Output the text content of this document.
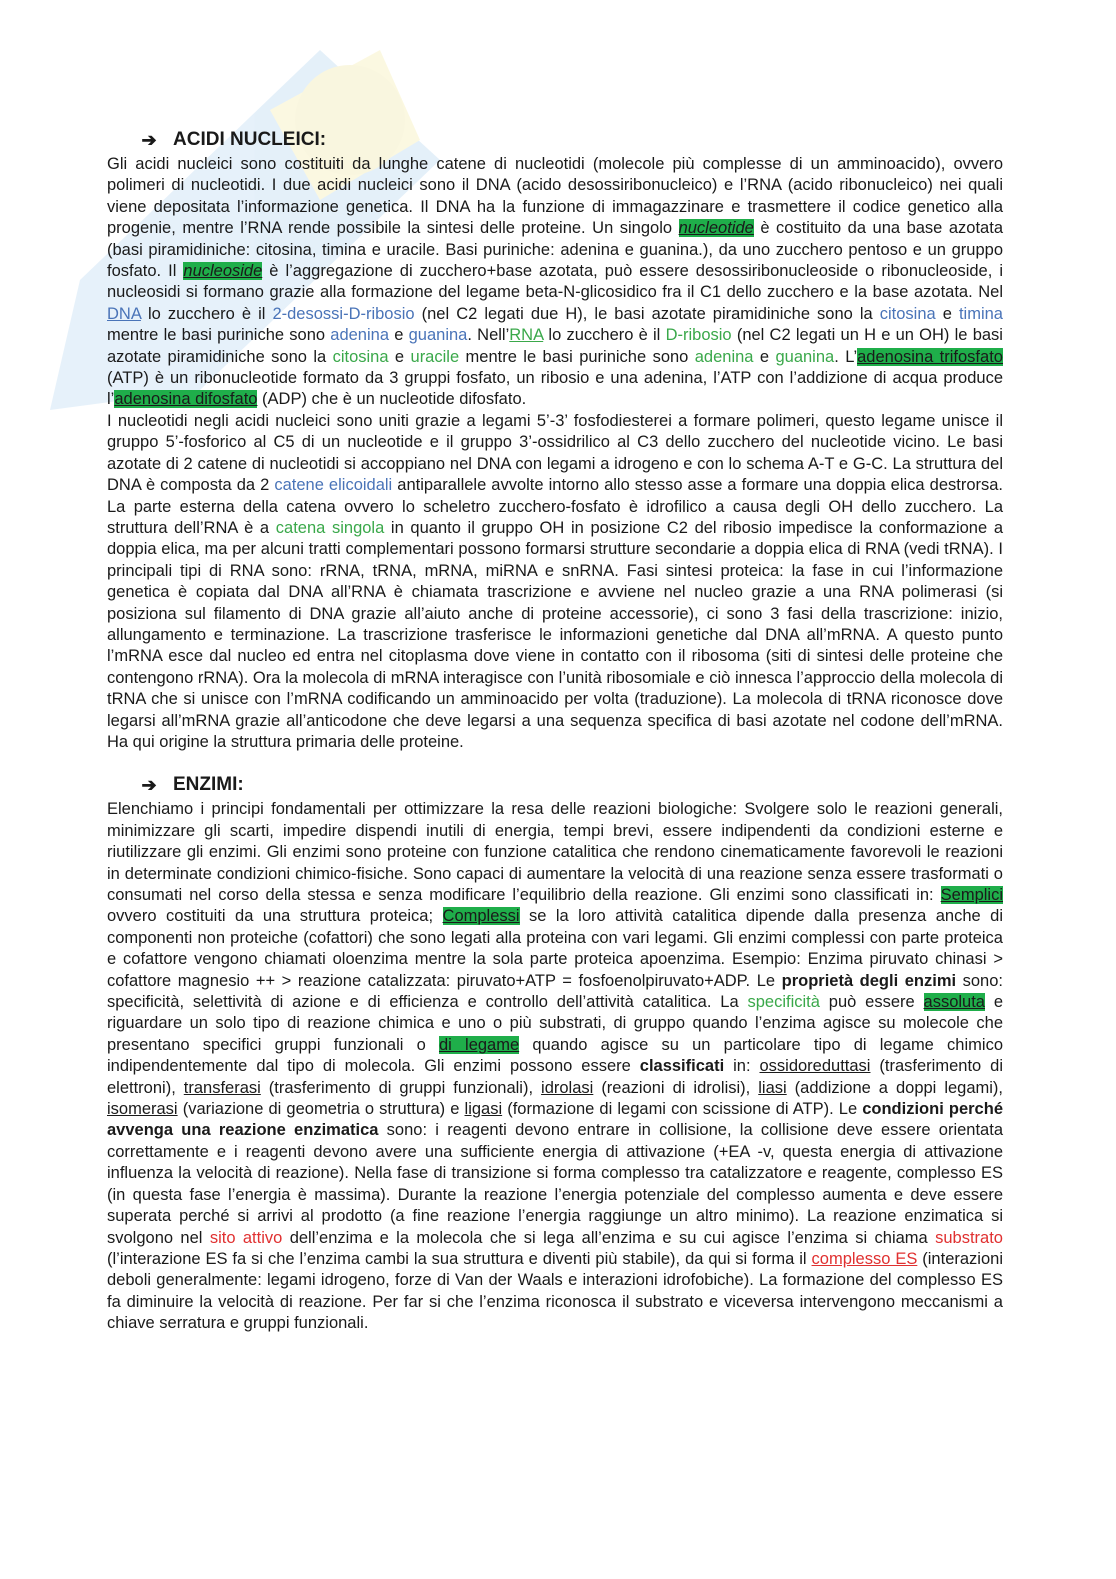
➔ ACIDI NUCLEICI:

Gli acidi nucleici sono costituiti da lunghe catene di nucleotidi (molecole più complesse di un amminoacido), ovvero polimeri di nucleotidi. I due acidi nucleici sono il DNA (acido desossiribonucleico) e l’RNA (acido ribonucleico) nei quali viene depositata l’informazione genetica. Il DNA ha la funzione di immagazzinare e trasmettere il codice genetico alla progenie, mentre l’RNA rende possibile la sintesi delle proteine. Un singolo nucleotide è costituito da una base azotata (basi piramidiniche: citosina, timina e uracile. Basi puriniche: adenina e guanina.), da uno zucchero pentoso e un gruppo fosfato. Il nucleoside è l’aggregazione di zucchero+base azotata, può essere desossiribonucleoside o ribonucleoside, i nucleosidi si formano grazie alla formazione del legame beta-N-glicosidico fra il C1 dello zucchero e la base azotata. Nel DNA lo zucchero è il 2-desossi-D-ribosio (nel C2 legati due H), le basi azotate piramidiniche sono la citosina e timina mentre le basi puriniche sono adenina e guanina. Nell’RNA lo zucchero è il D-ribosio (nel C2 legati un H e un OH) le basi azotate piramidiniche sono la citosina e uracile mentre le basi puriniche sono adenina e guanina. L’adenosina trifosfato (ATP) è un ribonucleotide formato da 3 gruppi fosfato, un ribosio e una adenina, l’ATP con l’addizione di acqua produce l’adenosina difosfato (ADP) che è un nucleotide difosfato.

I nucleotidi negli acidi nucleici sono uniti grazie a legami 5’-3’ fosfodiesterei a formare polimeri, questo legame unisce il gruppo 5’-fosforico al C5 di un nucleotide e il gruppo 3’-ossidrilico al C3 dello zucchero del nucleotide vicino. Le basi azotate di 2 catene di nucleotidi si accoppiano nel DNA con legami a idrogeno e con lo schema A-T e G-C. La struttura del DNA è composta da 2 catene elicoidali antiparallele avvolte intorno allo stesso asse a formare una doppia elica destrorsa. La parte esterna della catena ovvero lo scheletro zucchero-fosfato è idrofilico a causa degli OH dello zucchero. La struttura dell’RNA è a catena singola in quanto il gruppo OH in posizione C2 del ribosio impedisce la conformazione a doppia elica, ma per alcuni tratti complementari possono formarsi strutture secondarie a doppia elica di RNA (vedi tRNA). I principali tipi di RNA sono: rRNA, tRNA, mRNA, miRNA e snRNA. Fasi sintesi proteica: la fase in cui l’informazione genetica è copiata dal DNA all’RNA è chiamata trascrizione e avviene nel nucleo grazie a una RNA polimerasi (si posiziona sul filamento di DNA grazie all’aiuto anche di proteine accessorie), ci sono 3 fasi della trascrizione: inizio, allungamento e terminazione. La trascrizione trasferisce le informazioni genetiche dal DNA all’mRNA. A questo punto l’mRNA esce dal nucleo ed entra nel citoplasma dove viene in contatto con il ribosoma (siti di sintesi delle proteine che contengono rRNA). Ora la molecola di mRNA interagisce con l’unità ribosomiale e ciò innesca l’approccio della molecola di tRNA che si unisce con l’mRNA codificando un amminoacido per volta (traduzione). La molecola di tRNA riconosce dove legarsi all’mRNA grazie all’anticodone che deve legarsi a una sequenza specifica di basi azotate nel codone dell’mRNA. Ha qui origine la struttura primaria delle proteine.

➔ ENZIMI:

Elenchiamo i principi fondamentali per ottimizzare la resa delle reazioni biologiche: Svolgere solo le reazioni generali, minimizzare gli scarti, impedire dispendi inutili di energia, tempi brevi, essere indipendenti da condizioni esterne e riutilizzare gli enzimi. Gli enzimi sono proteine con funzione catalitica che rendono cinematicamente favorevoli le reazioni in determinate condizioni chimico-fisiche. Sono capaci di aumentare la velocità di una reazione senza essere trasformati o consumati nel corso della stessa e senza modificare l’equilibrio della reazione. Gli enzimi sono classificati in: Semplici ovvero costituiti da una struttura proteica; Complessi se la loro attività catalitica dipende dalla presenza anche di componenti non proteiche (cofattori) che sono legati alla proteina con vari legami. Gli enzimi complessi con parte proteica e cofattore vengono chiamati oloenzima mentre la sola parte proteica apoenzima. Esempio: Enzima piruvato chinasi > cofattore magnesio ++ > reazione catalizzata: piruvato+ATP = fosfoenolpiruvato+ADP. Le proprietà degli enzimi sono: specificità, selettività di azione e di efficienza e controllo dell’attività catalitica. La specificità può essere assoluta e riguardare un solo tipo di reazione chimica e uno o più substrati, di gruppo quando l’enzima agisce su molecole che presentano specifici gruppi funzionali o di legame quando agisce su un particolare tipo di legame chimico indipendentemente dal tipo di molecola. Gli enzimi possono essere classificati in: ossidoreduttasi (trasferimento di elettroni), transferasi (trasferimento di gruppi funzionali), idrolasi (reazioni di idrolisi), liasi (addizione a doppi legami), isomerasi (variazione di geometria o struttura) e ligasi (formazione di legami con scissione di ATP). Le condizioni perché avvenga una reazione enzimatica sono: i reagenti devono entrare in collisione, la collisione deve essere orientata correttamente e i reagenti devono avere una sufficiente energia di attivazione (+EA -v, questa energia di attivazione influenza la velocità di reazione). Nella fase di transizione si forma complesso tra catalizzatore e reagente, complesso ES (in questa fase l’energia è massima). Durante la reazione l’energia potenziale del complesso aumenta e deve essere superata perché si arrivi al prodotto (a fine reazione l’energia raggiunge un altro minimo). La reazione enzimatica si svolgono nel sito attivo dell’enzima e la molecola che si lega all’enzima e su cui agisce l’enzima si chiama substrato (l’interazione ES fa si che l’enzima cambi la sua struttura e diventi più stabile), da qui si forma il complesso ES (interazioni deboli generalmente: legami idrogeno, forze di Van der Waals e interazioni idrofobiche). La formazione del complesso ES fa diminuire la velocità di reazione. Per far si che l’enzima riconosca il substrato e viceversa intervengono meccanismi a chiave serratura e gruppi funzionali.
